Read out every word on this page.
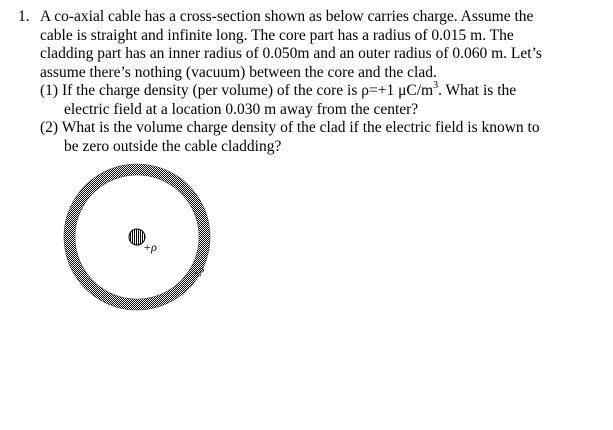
1. A co-axial cable has a cross-section shown as below carries charge. Assume the
cable is straight and infinite long. The core part has a radius of 0.015 m. The
cladding part has an inner radius of 0.050m and an outer radius of 0.060 m. Let’s
assume there’s nothing (vacuum) between the core and the clad.
(1) If the charge density (per volume) of the core is ρ=+1 $\mu C/m^3$. What is the
electric field at a location 0.030 m away from the center?
(2) What is the volume charge density of the clad if the electric field is known to
be zero outside the cable cladding?
+ρ
-?
